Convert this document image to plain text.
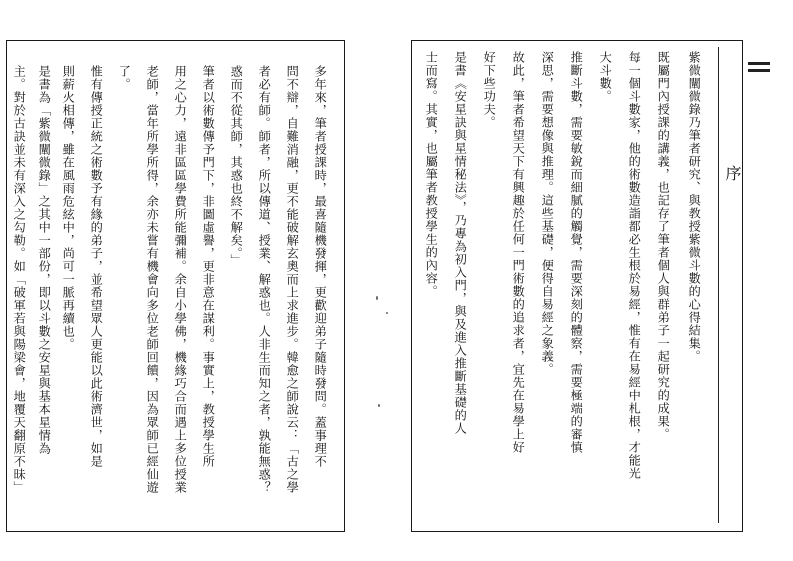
序
紫微闡微錄乃筆者研究、與教授紫微斗數的心得結集。
既屬門內授課的講義，也記存了筆者個人與群弟子一起研究的成果。
每一個斗數家，他的術數造詣都必生根於易經，惟有在易經中札根，才能光
大斗數。
推斷斗數，需要敏銳而細膩的觸覺，需要深刻的體察，需要極端的審慎
深思，需要想像與推理。這些基礎，便得自易經之象義。
故此，筆者希望天下有興趣於任何一門術數的追求者，宜先在易學上好
好下些功夫。
是書《安星訣與星情秘法》，乃專為初入門，與及進入推斷基礎的人
士而寫。其實，也屬筆者教授學生的內容。
多年來，筆者授課時，最喜隨機發揮，更歡迎弟子隨時發問。蓋事理不
問不辯，自難消融，更不能破解玄奧而上求進步。韓愈之師說云：「古之學
者必有師。師者，所以傳道、授業、解惑也。人非生而知之者，孰能無惑？
惑而不從其師，其惑也終不解矣。」
筆者以術數傳予門下，非圖虛譽，更非意在謀利。事實上，教授學生所
用之心力，遠非區區學費所能彌補。余自小學佛，機緣巧合而遇上多位授業
老師，當年所學所得，余亦未嘗有機會向多位老師回饋，因為眾師已經仙遊
了。
惟有傳授正統之術數予有緣的弟子，並希望眾人更能以此術濟世，如是
則薪火相傳，雖在風雨危絃中，尚可一脈再續也。
是書為「紫微闡微錄」之其中一部份，即以斗數之安星與基本星情為
主。對於古訣並未有深入之勾勒。如「破軍若與陽梁會，地覆天翻原不昧」
